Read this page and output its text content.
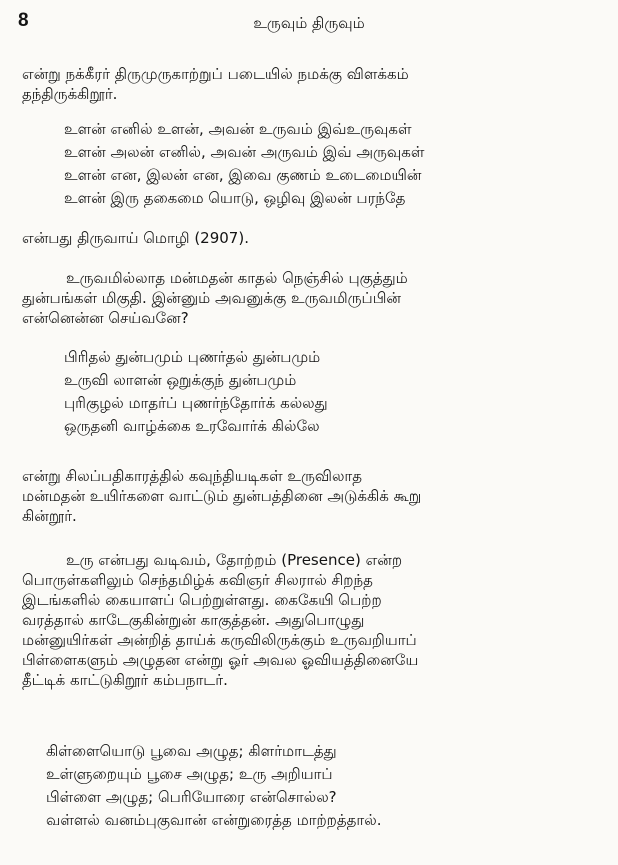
8	உருவும் திருவும்
என்று நக்கீரர் திருமுருகாற்றுப் படையில் நமக்கு விளக்கம்
தந்திருக்கிறூர்.
உளன் எனில் உளன், அவன் உருவம் இவ்உருவுகள்
உளன் அலன் எனில், அவன் அருவம் இவ் அருவுகள்
உளன் என, இலன் என, இவை குணம் உடைமையின்
உளன் இரு தகைமை யொடு, ஒழிவு இலன் பரந்தே
என்பது திருவாய் மொழி (2907).
உருவமில்லாத மன்மதன் காதல் நெஞ்சில் புகுத்தும்
துன்பங்கள் மிகுதி. இன்னும் அவனுக்கு உருவமிருப்பின்
என்னென்ன செய்வனே?
பிரிதல் துன்பமும் புணர்தல் துன்பமும்
உருவி லாளன் ஒறுக்குந் துன்பமும்
புரிகுழல் மாதர்ப் புணர்ந்தோர்க் கல்லது
ஒருதனி வாழ்க்கை உரவோர்க் கில்லே
என்று சிலப்பதிகாரத்தில் கவுந்தியடிகள் உருவிலாத
மன்மதன் உயிர்களை வாட்டும் துன்பத்தினை அடுக்கிக் கூறு
கின்றூர்.
உரு என்பது வடிவம், தோற்றம் (Presence) என்ற
பொருள்களிலும் செந்தமிழ்க் கவிஞர் சிலரால் சிறந்த
இடங்களில் கையாளப் பெற்றுள்ளது. கைகேயி பெற்ற
வரத்தால் காடேகுகின்றுன் காகுத்தன். அதுபொழுது
மன்னுயிர்கள் அன்றித் தாய்க் கருவிலிருக்கும் உருவறியாப்
பிள்ளைகளும் அழுதன என்று ஓர் அவல ஓவியத்தினையே
தீட்டிக் காட்டுகிறூர் கம்பநாடர்.
கிள்ளையொடு பூவை அழுத; கிளர்மாடத்து
உள்ளுறையும் பூசை அழுத; உரு அறியாப்
பிள்ளை அழுத; பெரியோரை என்சொல்ல?
வள்ளல் வனம்புகுவான் என்றுரைத்த மாற்றத்தால்.
